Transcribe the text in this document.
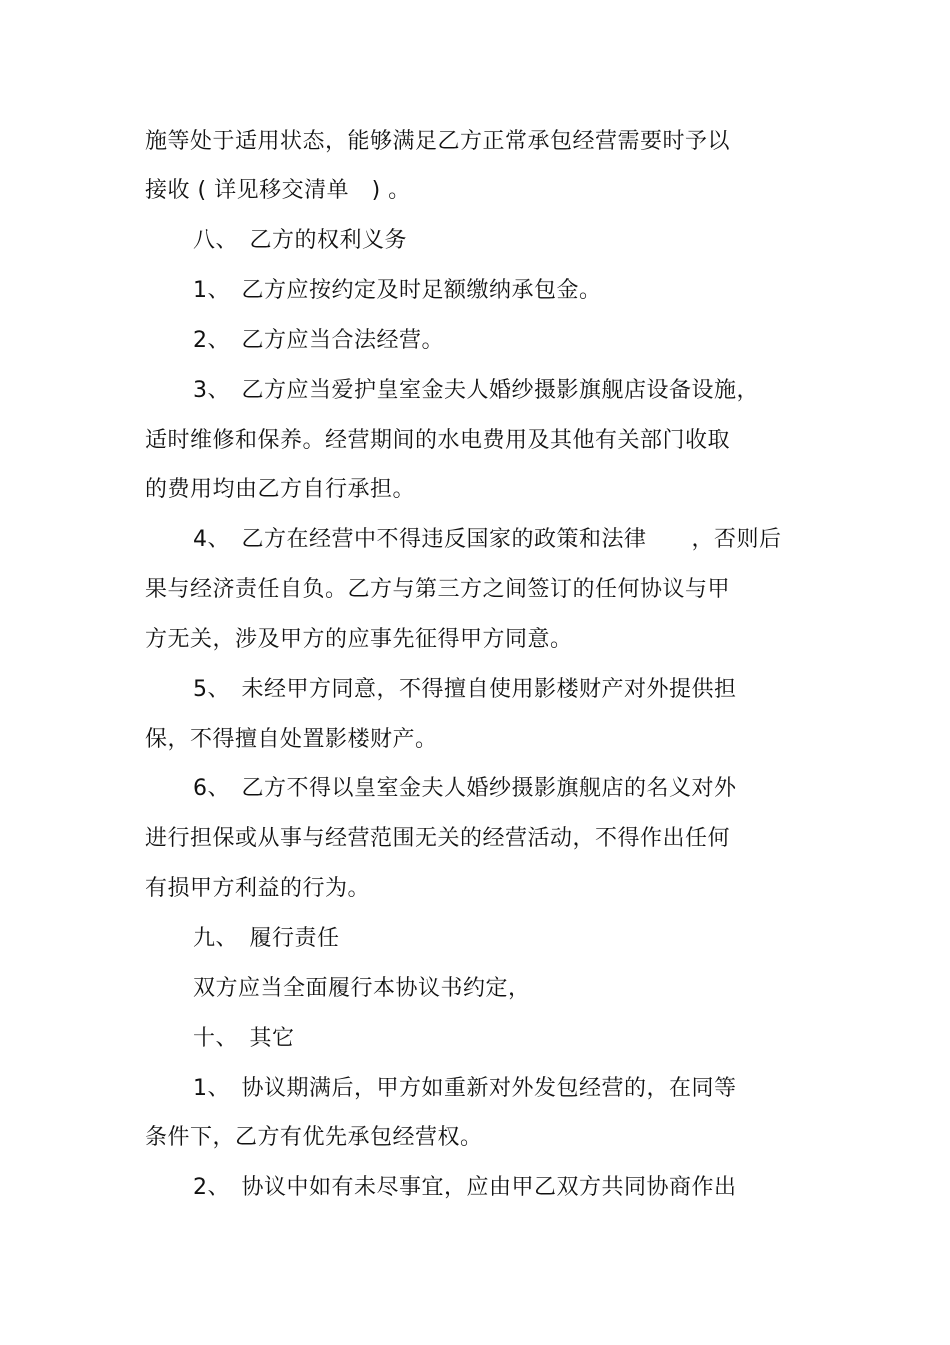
施等处于适用状态，能够满足乙方正常承包经营需要时予以

接收 ( 详见移交清单　) 。

八、　乙方的权利义务

1、　乙方应按约定及时足额缴纳承包金。

2、　乙方应当合法经营。

3、　乙方应当爱护皇室金夫人婚纱摄影旗舰店设备设施，

适时维修和保养。经营期间的水电费用及其他有关部门收取

的费用均由乙方自行承担。

4、　乙方在经营中不得违反国家的政策和法律　　，否则后

果与经济责任自负。乙方与第三方之间签订的任何协议与甲

方无关，涉及甲方的应事先征得甲方同意。

5、　未经甲方同意，不得擅自使用影楼财产对外提供担

保，不得擅自处置影楼财产。

6、　乙方不得以皇室金夫人婚纱摄影旗舰店的名义对外

进行担保或从事与经营范围无关的经营活动，不得作出任何

有损甲方利益的行为。

九、　履行责任

双方应当全面履行本协议书约定，

十、　其它

1、　协议期满后，甲方如重新对外发包经营的，在同等

条件下，乙方有优先承包经营权。

2、　协议中如有未尽事宜，应由甲乙双方共同协商作出
